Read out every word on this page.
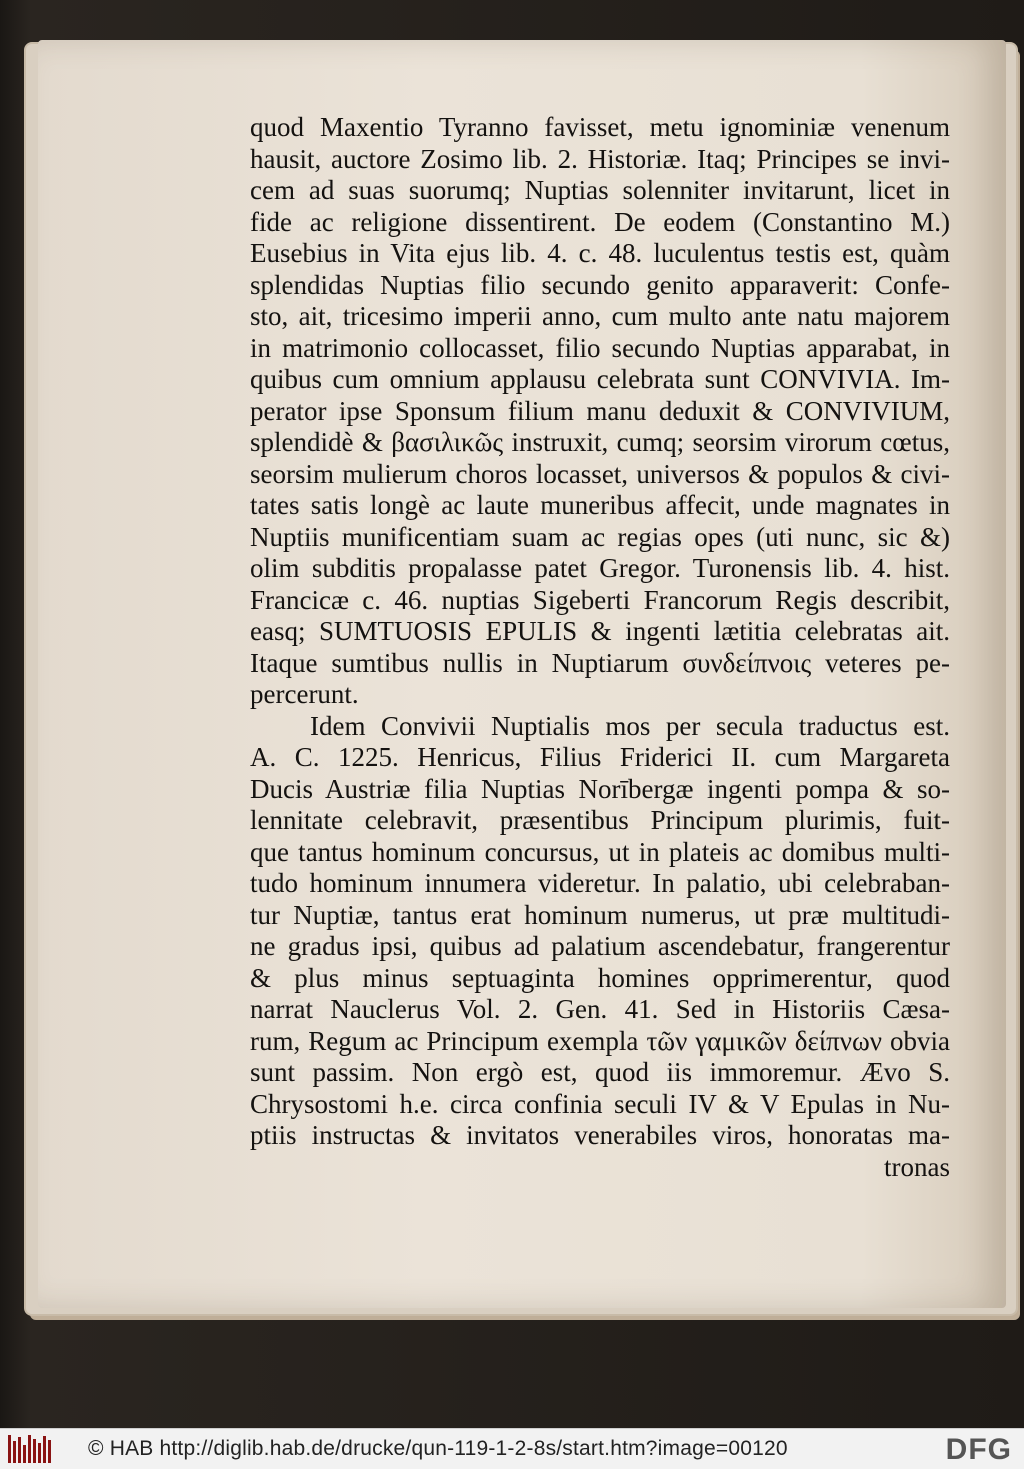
quod Maxentio Tyranno favisset, metu ignominiæ venenum
hausit, auctore Zosimo lib. 2. Historiæ. Itaq; Principes se invi-
cem ad suas suorumq; Nuptias solenniter invitarunt, licet in
fide ac religione dissentirent. De eodem (Constantino M.)
Eusebius in Vita ejus lib. 4. c. 48. luculentus testis est, quàm
splendidas Nuptias filio secundo genito apparaverit: Confe-
sto, ait, tricesimo imperii anno, cum multo ante natu majorem
in matrimonio collocasset, filio secundo Nuptias apparabat, in
quibus cum omnium applausu celebrata sunt CONVIVIA. Im-
perator ipse Sponsum filium manu deduxit & CONVIVIUM,
splendidè & βασιλικῶς instruxit, cumq; seorsim virorum cœtus,
seorsim mulierum choros locasset, universos & populos & civi-
tates satis longè ac laute muneribus affecit, unde magnates in
Nuptiis munificentiam suam ac regias opes (uti nunc, sic &)
olim subditis propalasse patet Gregor. Turonensis lib. 4. hist.
Francicæ c. 46. nuptias Sigeberti Francorum Regis describit,
easq; SUMTUOSIS EPULIS & ingenti lætitia celebratas ait.
Itaque sumtibus nullis in Nuptiarum συνδείπνοις veteres pe-
percerunt.
Idem Convivii Nuptialis mos per secula traductus est.
A. C. 1225. Henricus, Filius Friderici II. cum Margareta
Ducis Austriæ filia Nuptias Norībergæ ingenti pompa & so-
lennitate celebravit, præsentibus Principum plurimis, fuit-
que tantus hominum concursus, ut in plateis ac domibus multi-
tudo hominum innumera videretur. In palatio, ubi celebraban-
tur Nuptiæ, tantus erat hominum numerus, ut præ multitudi-
ne gradus ipsi, quibus ad palatium ascendebatur, frangerentur
& plus minus septuaginta homines opprimerentur, quod
narrat Nauclerus Vol. 2. Gen. 41. Sed in Historiis Cæsa-
rum, Regum ac Principum exempla τῶν γαμικῶν δείπνων obvia
sunt passim. Non ergò est, quod iis immoremur. Ævo S.
Chrysostomi h.e. circa confinia seculi IV & V Epulas in Nu-
ptiis instructas & invitatos venerabiles viros, honoratas ma-
tronas
© HAB http://diglib.hab.de/drucke/qun-119-1-2-8s/start.htm?image=00120	DFG
